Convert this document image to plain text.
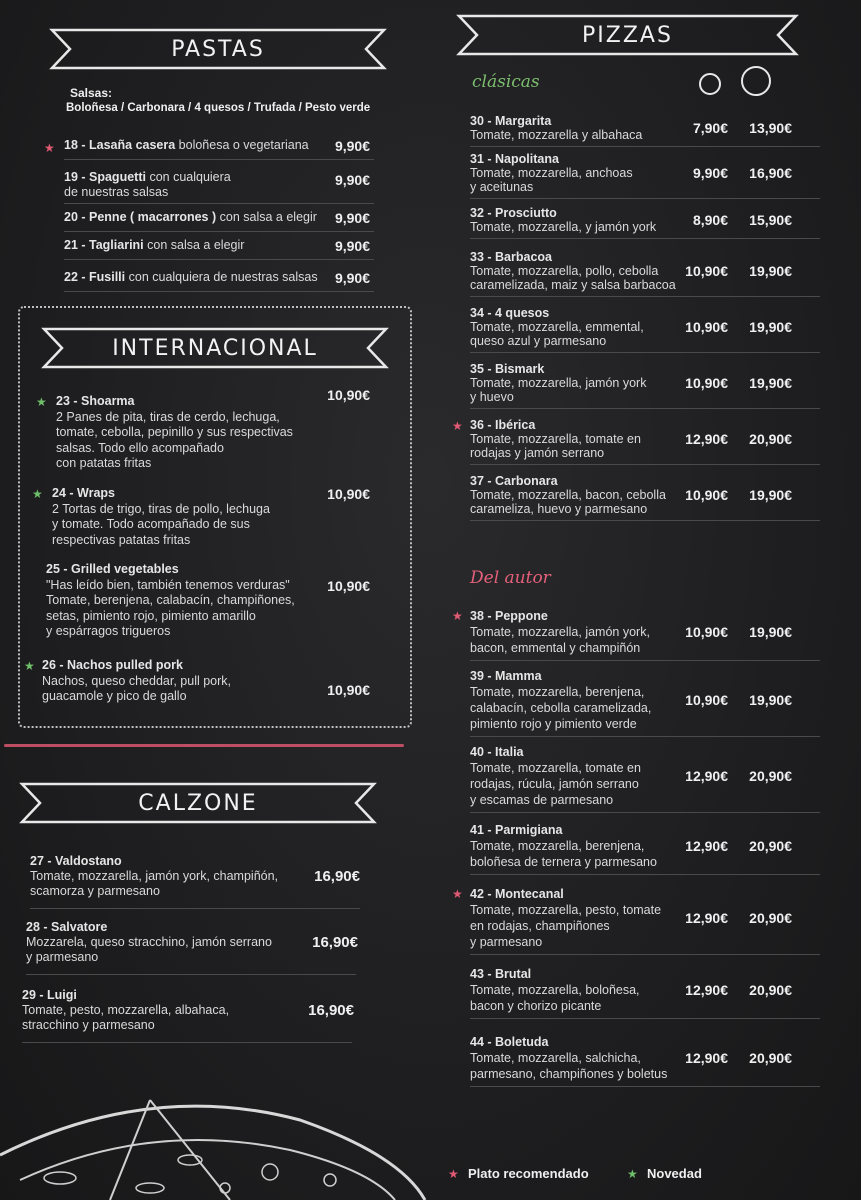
PASTAS
Salsas:
Boloñesa / Carbonara / 4 quesos / Trufada / Pesto verde
★ 18 - Lasaña casera boloñesa o vegetariana	9,90€
19 - Spaguetti con cualquiera
de nuestras salsas
9,90€
20 - Penne ( macarrones ) con salsa a elegir	9,90€
21 - Tagliarini con salsa a elegir	9,90€
22 - Fusilli con cualquiera de nuestras salsas	9,90€
INTERNACIONAL
★ 23 - Shoarma
2 Panes de pita, tiras de cerdo, lechuga,
tomate, cebolla, pepinillo y sus respectivas
salsas. Todo ello acompañado
con patatas fritas
10,90€
★ 24 - Wraps
2 Tortas de trigo, tiras de pollo, lechuga
y tomate. Todo acompañado de sus
respectivas patatas fritas
10,90€
25 - Grilled vegetables
"Has leído bien, también tenemos verduras"
Tomate, berenjena, calabacín, champiñones,
setas, pimiento rojo, pimiento amarillo
y espárragos trigueros
10,90€
★ 26 - Nachos pulled pork
Nachos, queso cheddar, pull pork,
guacamole y pico de gallo	10,90€
CALZONE
27 - Valdostano
Tomate, mozzarella, jamón york, champiñón,
scamorza y parmesano
16,90€
28 - Salvatore
Mozzarela, queso stracchino, jamón serrano
y parmesano
16,90€
29 - Luigi
Tomate, pesto, mozzarella, albahaca,
stracchino y parmesano
16,90€
PIZZAS
clásicas
30 - Margarita
Tomate, mozzarella y albahaca	7,90€	13,90€
31 - Napolitana
Tomate, mozzarella, anchoas
y aceitunas
9,90€	16,90€
32 - Prosciutto
Tomate, mozzarella, y jamón york	8,90€	15,90€
33 - Barbacoa
Tomate, mozzarella, pollo, cebolla
caramelizada, maiz y salsa barbacoa
10,90€	19,90€
34 - 4 quesos
Tomate, mozzarella, emmental,
queso azul y parmesano
10,90€	19,90€
35 - Bismark
Tomate, mozzarella, jamón york
y huevo
10,90€	19,90€
★ 36 - Ibérica
Tomate, mozzarella, tomate en
rodajas y jamón serrano
12,90€	20,90€
37 - Carbonara
Tomate, mozzarella, bacon, cebolla
carameliza, huevo y parmesano
10,90€	19,90€
Del autor
★ 38 - Peppone
Tomate, mozzarella, jamón york,
bacon, emmental y champiñón
10,90€	19,90€
39 - Mamma
Tomate, mozzarella, berenjena,
calabacín, cebolla caramelizada,
pimiento rojo y pimiento verde
10,90€	19,90€
40 - Italia
Tomate, mozzarella, tomate en
rodajas, rúcula, jamón serrano
y escamas de parmesano
12,90€	20,90€
41 - Parmigiana
Tomate, mozzarella, berenjena,
boloñesa de ternera y parmesano
12,90€	20,90€
★ 42 - Montecanal
Tomate, mozzarella, pesto, tomate
en rodajas, champiñones
y parmesano
12,90€	20,90€
43 - Brutal
Tomate, mozzarella, boloñesa,
bacon y chorizo picante
12,90€	20,90€
44 - Boletuda
Tomate, mozzarella, salchicha,
parmesano, champiñones y boletus
12,90€	20,90€
★ Plato recomendado	★ Novedad
